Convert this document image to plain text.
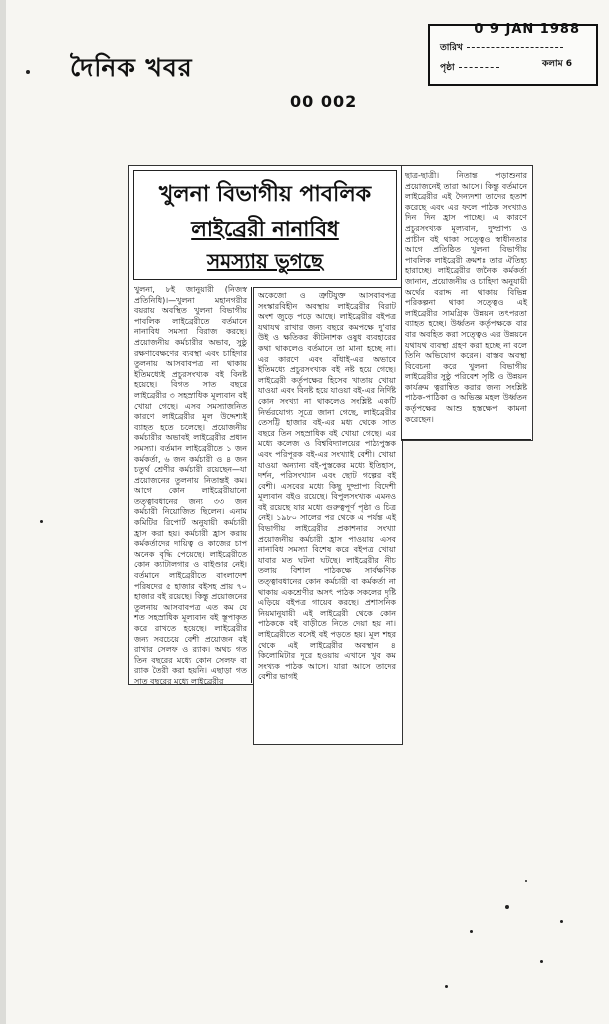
দৈনিক খবর
0 9 JAN 1988
তারিখ
পৃষ্ঠা	কলাম 6
00 002
খুলনা বিভাগীয় পাবলিক
লাইব্রেরী নানাবিধ
সমস্যায় ভুগছে
খুলনা, ৮ই জানুয়ারী (নিজস্ব প্রতিনিধি)।—খুলনা মহানগরীর বয়রায় অবস্থিত খুলনা বিভাগীয় পাবলিক লাইব্রেরীতে বর্তমানে নানাবিধ সমস্যা বিরাজ করছে। প্রয়োজনীয় কর্মচারীর অভাব, সুষ্ঠু রক্ষণাবেক্ষণের ব্যবস্থা এবং চাহিদার তুলনায় আসবাবপত্র না থাকায় ইতিমধ্যেই প্রচুরসংখ্যক বই বিনষ্ট হয়েছে। বিগত সাত বছরে লাইব্রেরীর ৩ সহস্রাধিক মূল্যবান বই খোয়া গেছে। এসব সমস্যাজনিত কারণে লাইব্রেরীর মূল উদ্দেশ্যই ব্যাহত হতে চলেছে। প্রয়োজনীয় কর্মচারীর অভাবই লাইব্রেরীর প্রধান সমস্যা। বর্তমান লাইব্রেরীতে ১ জন কর্মকর্তা, ৬ জন কর্মচারী ও ৪ জন চতুর্থ শ্রেণীর কর্মচারী রয়েছেন—যা প্রয়োজনের তুলনায় নিতান্তই কম। আগে কোন লাইব্রেরীয়ানো তত্ত্বাবধানের জন্য ৩৩ জন কর্মচারী নিয়োজিত ছিলেন। এনাম কমিটির রিপোর্ট অনুযায়ী কর্মচারী হ্রাস করা হয়। কর্মচারী হ্রাস করায় কর্মকর্তাদের দায়িত্ব ও কাজের চাপ অনেক বৃদ্ধি পেয়েছে। লাইব্রেরীতে কোন ক্যাটালগার ও বাইণ্ডার নেই। বর্তমানে লাইব্রেরীতে বাংলাদেশ পরিষদের ৫ হাজার বইসহ প্রায় ৭০ হাজার বই রয়েছে। কিন্তু প্রয়োজনের তুলনায় আসবাবপত্র এত কম যে শত সহস্রাধিক মূল্যবান বই স্তূপাকৃত করে রাখতে হয়েছে। লাইব্রেরীর জন্য সবচেয়ে বেশী প্রয়োজন বই রাখার সেলফ ও র‍্যাক। অথচ গত তিন বছরের মধ্যে কোন সেলফ বা র‍্যাক তৈরী করা হয়নি। এছাড়া গত সাত বছরের মধ্যে লাইব্রেরীর
অকেজো ও ত্রুটিযুক্ত আসবাবপত্র সংস্কারবিহীন অবস্থায় লাইব্রেরীর বিরাট অংশ জুড়ে পড়ে আছে। লাইব্রেরীর বইপত্র যথাযথ রাখার জন্য বছরে কমপক্ষে দু'বার উই ও ক্ষতিকর কীটনাশক ওষুধ ব্যবহারের কথা থাকলেও বর্তমানে তা মানা হচ্ছে না। এর কারণে এবং বাঁধাই-এর অভাবে ইতিমধ্যে প্রচুরসংখ্যক বই নষ্ট হয়ে গেছে। লাইব্রেরী কর্তৃপক্ষের হিসেব খাতায় খোয়া যাওয়া এবং বিনষ্ট হয়ে যাওয়া বই-এর নির্দিষ্ট কোন সংখ্যা না থাকলেও সংশ্লিষ্ট একটি নির্ভরযোগ্য সূত্রে জানা গেছে, লাইব্রেরীর তেসট্টি হাজার বই-এর মধ্য থেকে সাত বছরে তিন সহস্রাধিক বই খোয়া গেছে। এর মধ্যে কলেজ ও বিশ্ববিদ্যালয়ের পাঠ্যপুস্তক এবং পরিপূরক বই-এর সংখ্যাই বেশী। খোয়া যাওয়া অন্যান্য বই-পুস্তকের মধ্যে ইতিহাস, দর্শন, পরিসংখ্যান এবং ছোট গল্পের বই বেশী। এসবের মধ্যে কিছু দুষ্প্রাপ্য বিদেশী মূল্যবান বইও রয়েছে। বিপুলসংখ্যক এমনও বই রয়েছে যার মধ্যে গুরুত্বপূর্ণ পৃষ্ঠা ও চিত্র নেই। ১৯৮০ সালের পর থেকে এ পর্যন্ত এই বিভাগীয় লাইব্রেরীর প্রকাশনার সংখ্যা প্রয়োজনীয় কর্মচারী হ্রাস পাওয়ায় এসব নানাবিধ সমস্যা বিশেষ করে বইপত্র খোয়া যাবার মত ঘটনা ঘটছে। লাইব্রেরীর নীচ তলায় বিশাল পাঠকক্ষে সার্বক্ষণিক তত্ত্বাবধানের কোন কর্মচারী বা কর্মকর্তা না থাকায় একশ্রেণীর অসৎ পাঠক সকলের দৃষ্টি এড়িয়ে বইপত্র গায়েব করছে। প্রশাসনিক নিয়মানুযায়ী এই লাইব্রেরী থেকে কোন পাঠককে বই বাড়ীতে নিতে দেয়া হয় না। লাইব্রেরীতে বসেই বই পড়তে হয়। মূল শহর থেকে এই লাইব্রেরীর অবস্থান ৪ কিলোমিটার দূরে হওয়ায় এখানে খুব কম সংখ্যক পাঠক আসে। যারা আসে তাদের বেশীর ভাগই
ছাত্র-ছাত্রী। নিতান্ত পড়াশুনার প্রয়োজনেই তারা আসে। কিন্তু বর্তমানে লাইব্রেরীর এই দৈন্যদশা তাদের হতাশ করেছে এবং এর ফলে পাঠক সংখ্যাও দিন দিন হ্রাস পাচ্ছে। এ কারণে প্রচুরসংখ্যক মূল্যবান, দুষ্প্রাপ্য ও প্রাচীন বই থাকা সত্ত্বেও স্বাধীনতার আগে প্রতিষ্ঠিত খুলনা বিভাগীয় পাবলিক লাইব্রেরী ক্রমশঃ তার ঐতিহ্য হারাচ্ছে। লাইব্রেরীর জনৈক কর্মকর্তা জানান, প্রয়োজনীয় ও চাহিদা অনুযায়ী অর্থের বরাদ্দ না থাকায় বিভিন্ন পরিকল্পনা থাকা সত্ত্বেও এই লাইব্রেরীর সামগ্রিক উন্নয়ন তৎপরতা ব্যাহত হচ্ছে। উর্ধ্বতন কর্তৃপক্ষকে বার বার অবহিত করা সত্ত্বেও এর উন্নয়নে যথাযথ ব্যবস্থা গ্রহণ করা হচ্ছে না বলে তিনি অভিযোগ করেন। বাস্তব অবস্থা বিবেচনা করে খুলনা বিভাগীয় লাইব্রেরীর সুষ্ঠু পরিবেশ সৃষ্টি ও উন্নয়ন কার্যক্রম ত্বরান্বিত করার জন্য সংশ্লিষ্ট পাঠক-পাঠিকা ও অভিজ্ঞ মহল উর্ধ্বতন কর্তৃপক্ষের আশু হস্তক্ষেপ কামনা করেছেন।
